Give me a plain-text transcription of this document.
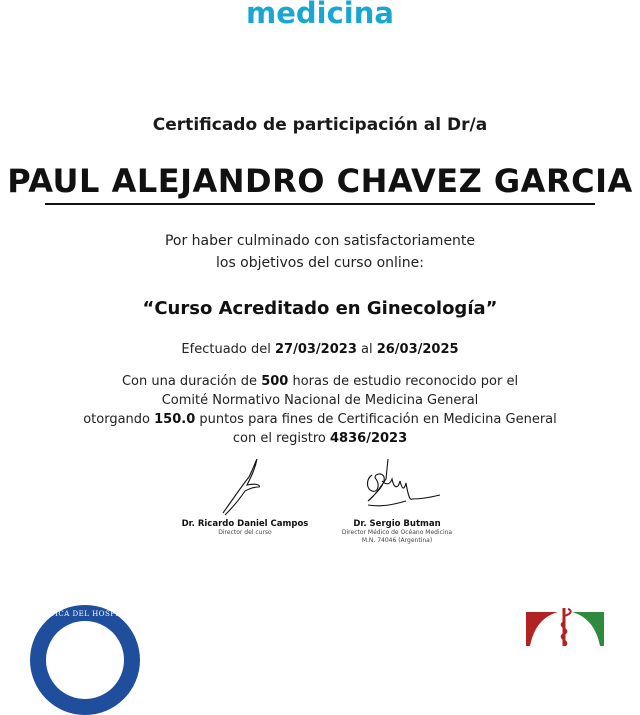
medicina
Certificado de participación al Dr/a
PAUL ALEJANDRO CHAVEZ GARCIA
Por haber culminado con satisfactoriamente
los objetivos del curso online:
“Curso Acreditado en Ginecología”
Efectuado del 27/03/2023 al 26/03/2025
Con una duración de 500 horas de estudio reconocido por el
Comité Normativo Nacional de Medicina General
otorgando 150.0 puntos para fines de Certificación en Medicina General
con el registro 4836/2023
Dr. Ricardo Daniel Campos
Director del curso
Dr. Sergio Butman
Director Médico de Océano Medicina
M.N. 74046 (Argentina)
MEDICA DEL HOSPITAL
